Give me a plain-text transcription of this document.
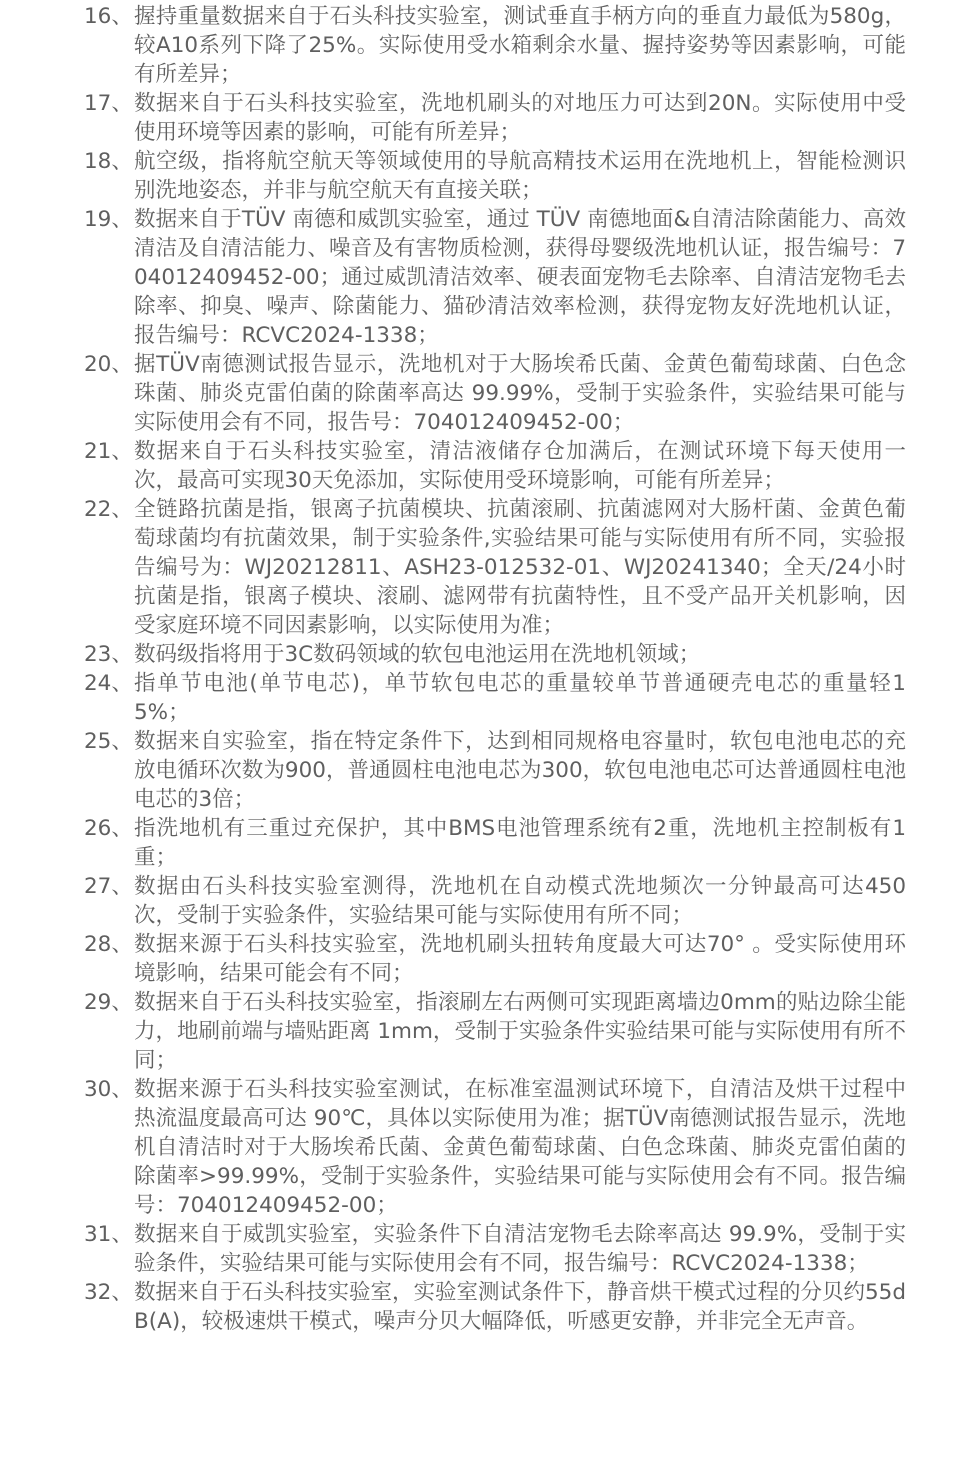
16、 握持重量数据来自于石头科技实验室，测试垂直手柄方向的垂直力最低为580g，较A10系列下降了25%。实际使用受水箱剩余水量、握持姿势等因素影响，可能有所差异；
17、 数据来自于石头科技实验室，洗地机刷头的对地压力可达到20N。实际使用中受使用环境等因素的影响，可能有所差异；
18、 航空级，指将航空航天等领域使用的导航高精技术运用在洗地机上，智能检测识别洗地姿态，并非与航空航天有直接关联；
19、 数据来自于TÜV 南德和威凯实验室，通过 TÜV 南德地面&自清洁除菌能力、高效清洁及自清洁能力、噪音及有害物质检测，获得母婴级洗地机认证，报告编号：704012409452-00；通过威凯清洁效率、硬表面宠物毛去除率、自清洁宠物毛去除率、抑臭、噪声、除菌能力、猫砂清洁效率检测，获得宠物友好洗地机认证，报告编号：RCVC2024-1338；
20、 据TÜV南德测试报告显示，洗地机对于大肠埃希氏菌、金黄色葡萄球菌、白色念珠菌、肺炎克雷伯菌的除菌率高达 99.99%，受制于实验条件，实验结果可能与实际使用会有不同，报告号：704012409452-00；
21、 数据来自于石头科技实验室，清洁液储存仓加满后，在测试环境下每天使用一次，最高可实现30天免添加，实际使用受环境影响，可能有所差异；
22、 全链路抗菌是指，银离子抗菌模块、抗菌滚刷、抗菌滤网对大肠杆菌、金黄色葡萄球菌均有抗菌效果，制于实验条件,实验结果可能与实际使用有所不同，实验报告编号为：WJ20212811、ASH23-012532-01、WJ20241340；全天/24小时抗菌是指，银离子模块、滚刷、滤网带有抗菌特性，且不受产品开关机影响，因受家庭环境不同因素影响，以实际使用为准；
23、 数码级指将用于3C数码领域的软包电池运用在洗地机领域；
24、 指单节电池(单节电芯)，单节软包电芯的重量较单节普通硬壳电芯的重量轻15%；
25、 数据来自实验室，指在特定条件下，达到相同规格电容量时，软包电池电芯的充放电循环次数为900，普通圆柱电池电芯为300，软包电池电芯可达普通圆柱电池电芯的3倍；
26、 指洗地机有三重过充保护，其中BMS电池管理系统有2重，洗地机主控制板有1重；
27、 数据由石头科技实验室测得，洗地机在自动模式洗地频次一分钟最高可达450次，受制于实验条件，实验结果可能与实际使用有所不同；
28、 数据来源于石头科技实验室，洗地机刷头扭转角度最大可达70° 。受实际使用环境影响，结果可能会有不同；
29、 数据来自于石头科技实验室，指滚刷左右两侧可实现距离墙边0mm的贴边除尘能力，地刷前端与墙贴距离 1mm，受制于实验条件实验结果可能与实际使用有所不同；
30、 数据来源于石头科技实验室测试，在标准室温测试环境下，自清洁及烘干过程中热流温度最高可达 90℃，具体以实际使用为准；据TÜV南德测试报告显示，洗地机自清洁时对于大肠埃希氏菌、金黄色葡萄球菌、白色念珠菌、肺炎克雷伯菌的除菌率>99.99%，受制于实验条件，实验结果可能与实际使用会有不同。报告编号：704012409452-00；
31、 数据来自于威凯实验室，实验条件下自清洁宠物毛去除率高达 99.9%，受制于实验条件，实验结果可能与实际使用会有不同，报告编号：RCVC2024-1338；
32、 数据来自于石头科技实验室，实验室测试条件下，静音烘干模式过程的分贝约55dB(A)，较极速烘干模式，噪声分贝大幅降低，听感更安静，并非完全无声音。
